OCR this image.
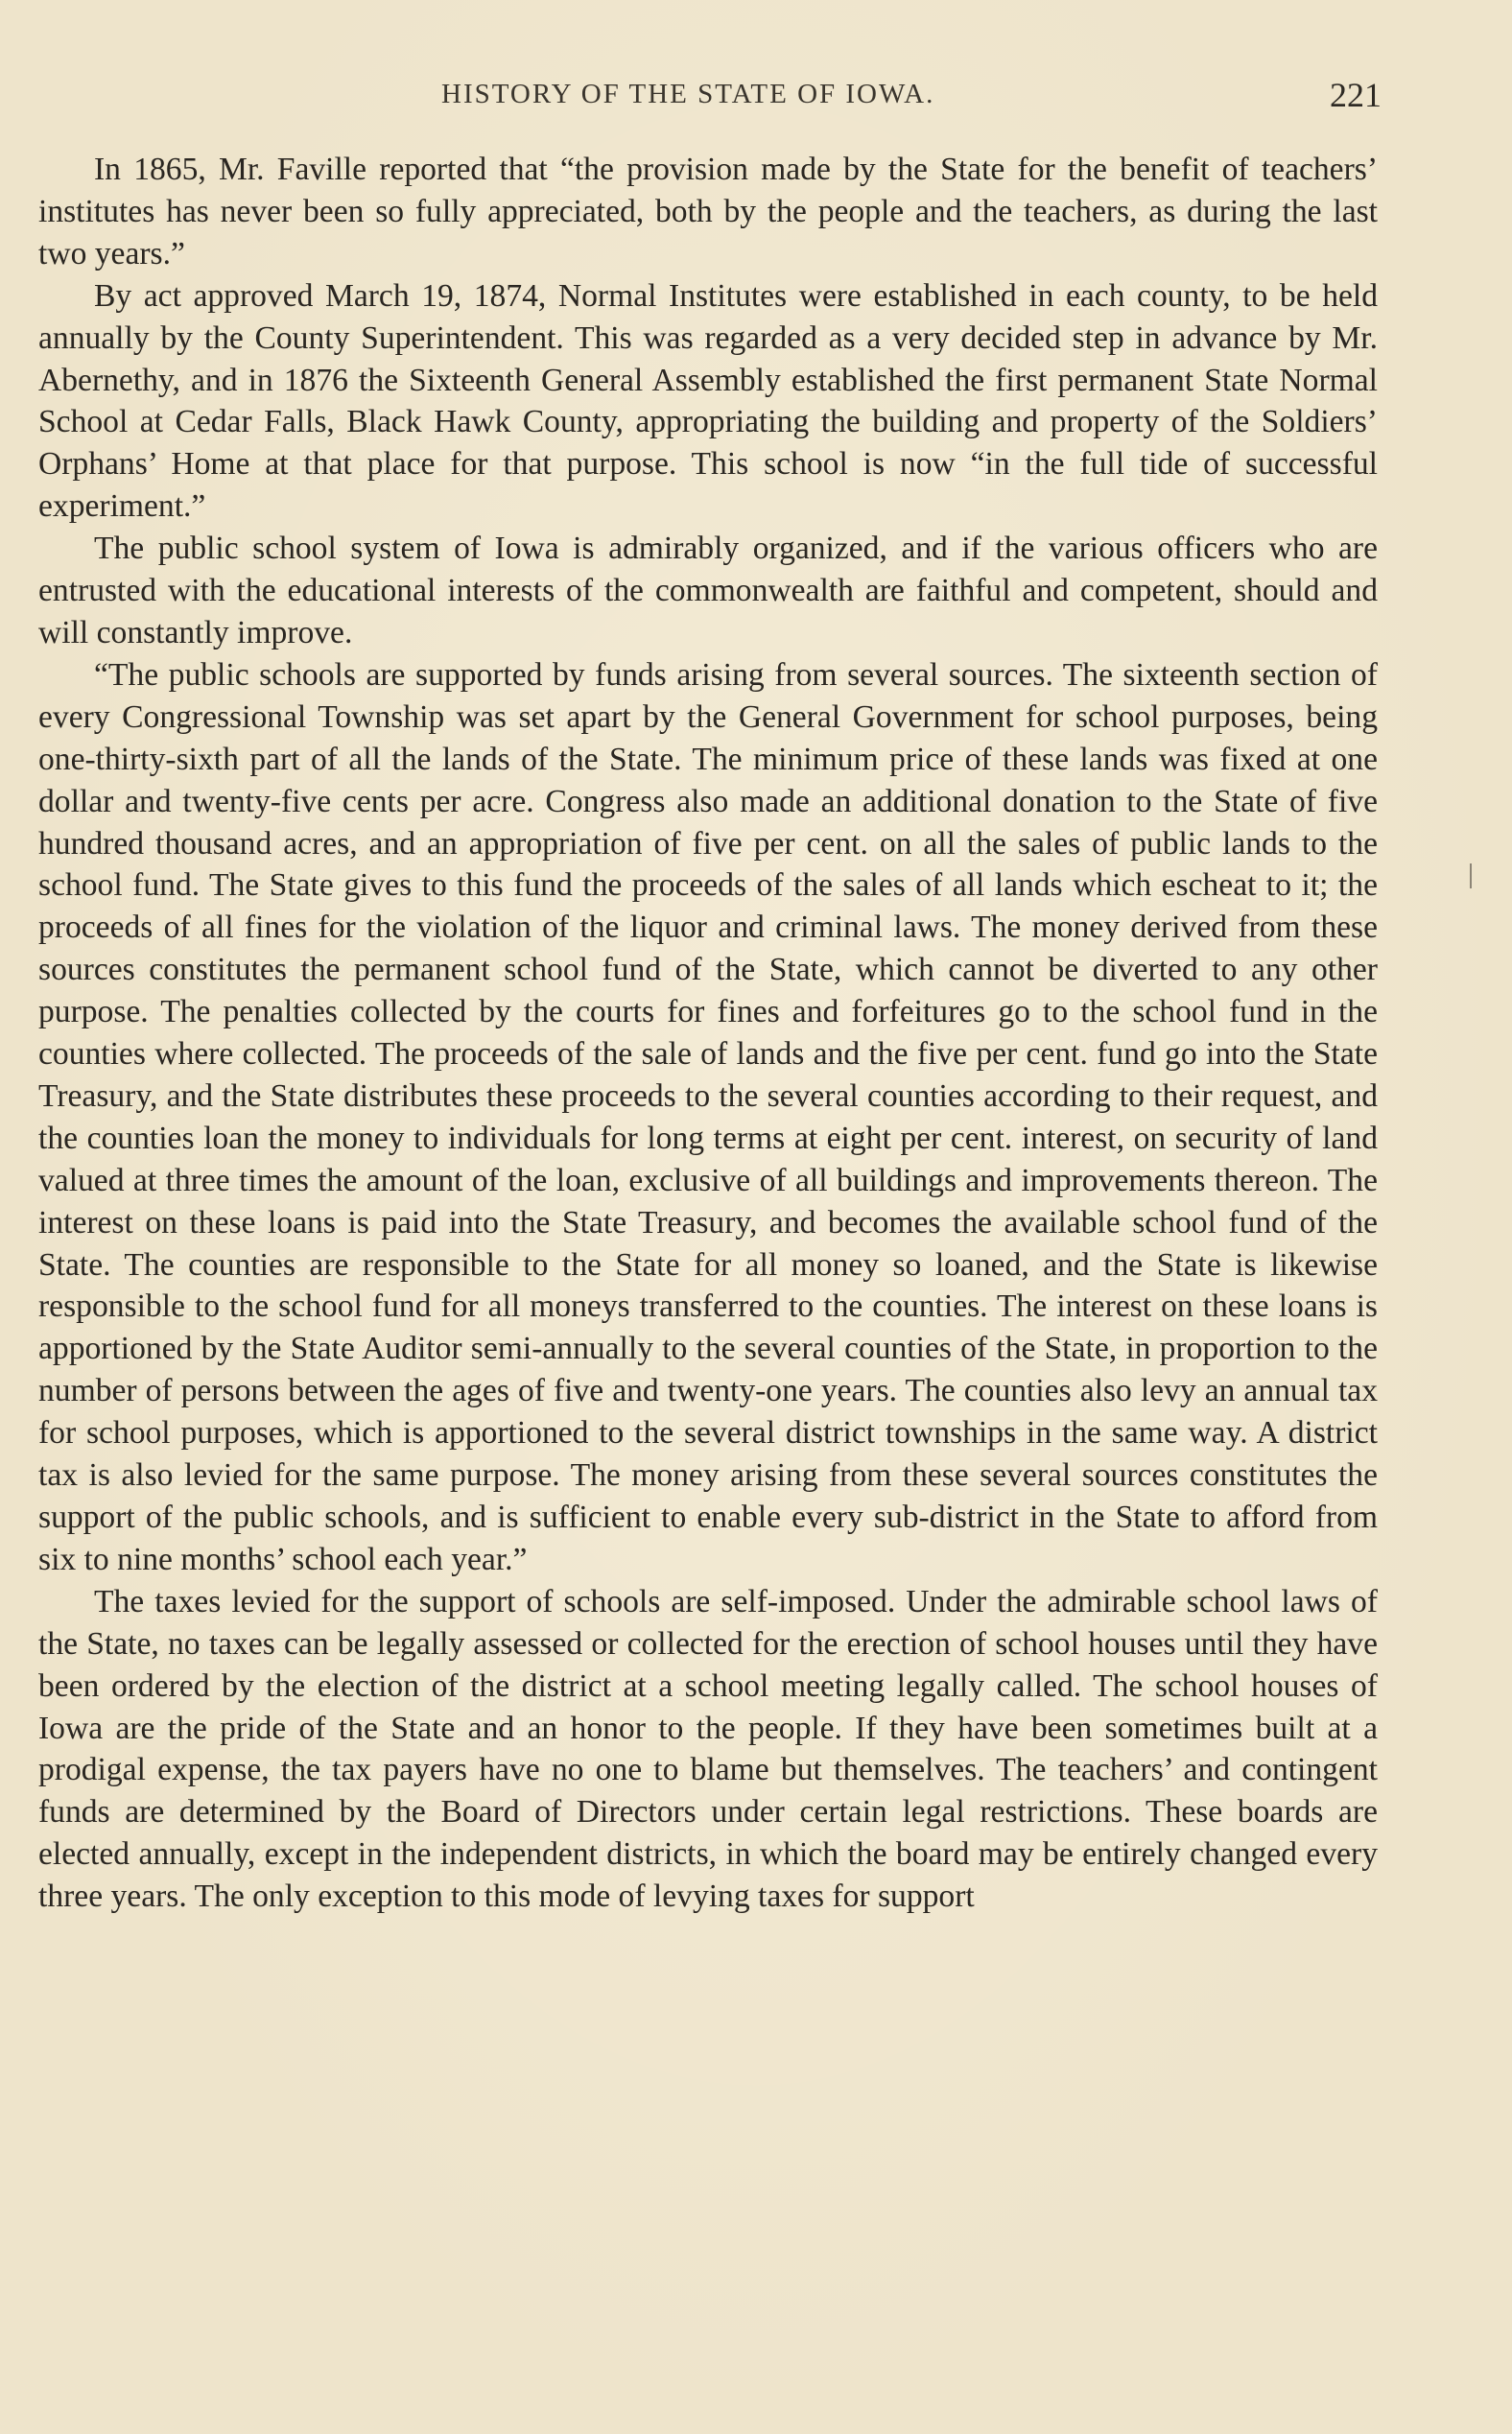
HISTORY OF THE STATE OF IOWA.	221

In 1865, Mr. Faville reported that “the provision made by the State for the benefit of teachers’ institutes has never been so fully appreciated, both by the people and the teachers, as during the last two years.”

By act approved March 19, 1874, Normal Institutes were established in each county, to be held annually by the County Superintendent. This was regarded as a very decided step in advance by Mr. Abernethy, and in 1876 the Sixteenth General Assembly established the first permanent State Normal School at Cedar Falls, Black Hawk County, appropriating the building and property of the Soldiers’ Orphans’ Home at that place for that purpose. This school is now “in the full tide of successful experiment.”

The public school system of Iowa is admirably organized, and if the various officers who are entrusted with the educational interests of the commonwealth are faithful and competent, should and will constantly improve.

“The public schools are supported by funds arising from several sources. The sixteenth section of every Congressional Township was set apart by the General Government for school purposes, being one-thirty-sixth part of all the lands of the State. The minimum price of these lands was fixed at one dollar and twenty-five cents per acre. Congress also made an additional donation to the State of five hundred thousand acres, and an appropriation of five per cent. on all the sales of public lands to the school fund. The State gives to this fund the proceeds of the sales of all lands which escheat to it; the proceeds of all fines for the violation of the liquor and criminal laws. The money derived from these sources constitutes the permanent school fund of the State, which cannot be diverted to any other purpose. The penalties collected by the courts for fines and forfeitures go to the school fund in the counties where collected. The proceeds of the sale of lands and the five per cent. fund go into the State Treasury, and the State distributes these proceeds to the several counties according to their request, and the counties loan the money to individuals for long terms at eight per cent. interest, on security of land valued at three times the amount of the loan, exclusive of all buildings and improvements thereon. The interest on these loans is paid into the State Treasury, and becomes the available school fund of the State. The counties are responsible to the State for all money so loaned, and the State is likewise responsible to the school fund for all moneys transferred to the counties. The interest on these loans is apportioned by the State Auditor semi-annually to the several counties of the State, in proportion to the number of persons between the ages of five and twenty-one years. The counties also levy an annual tax for school purposes, which is apportioned to the several district townships in the same way. A district tax is also levied for the same purpose. The money arising from these several sources constitutes the support of the public schools, and is sufficient to enable every sub-district in the State to afford from six to nine months’ school each year.”

The taxes levied for the support of schools are self-imposed. Under the admirable school laws of the State, no taxes can be legally assessed or collected for the erection of school houses until they have been ordered by the election of the district at a school meeting legally called. The school houses of Iowa are the pride of the State and an honor to the people. If they have been sometimes built at a prodigal expense, the tax payers have no one to blame but themselves. The teachers’ and contingent funds are determined by the Board of Directors under certain legal restrictions. These boards are elected annually, except in the independent districts, in which the board may be entirely changed every three years. The only exception to this mode of levying taxes for support
